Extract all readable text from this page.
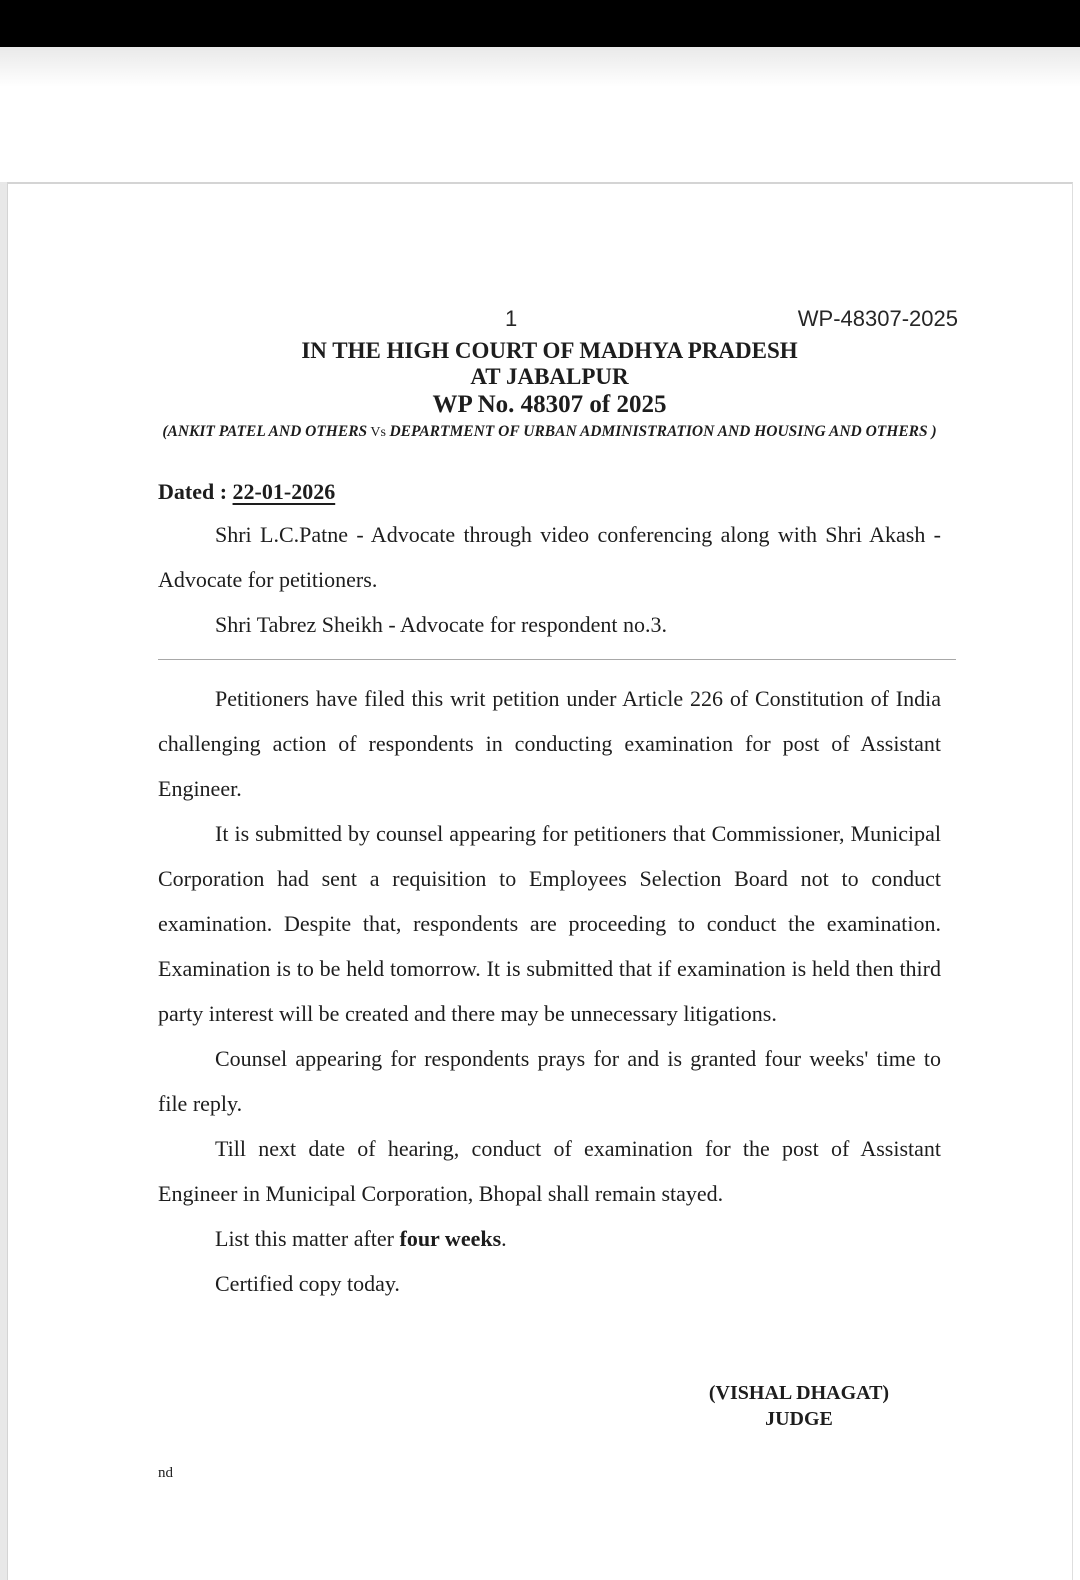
1	WP-48307-2025
IN THE HIGH COURT OF MADHYA PRADESH
AT JABALPUR
WP No. 48307 of 2025
(ANKIT PATEL AND OTHERS Vs DEPARTMENT OF URBAN ADMINISTRATION AND HOUSING AND OTHERS )
Dated : 22-01-2026

Shri L.C.Patne - Advocate through video conferencing along with Shri Akash - Advocate for petitioners.

Shri Tabrez Sheikh - Advocate for respondent no.3.

Petitioners have filed this writ petition under Article 226 of Constitution of India challenging action of respondents in conducting examination for post of Assistant Engineer.

It is submitted by counsel appearing for petitioners that Commissioner, Municipal Corporation had sent a requisition to Employees Selection Board not to conduct examination. Despite that, respondents are proceeding to conduct the examination. Examination is to be held tomorrow. It is submitted that if examination is held then third party interest will be created and there may be unnecessary litigations.

Counsel appearing for respondents prays for and is granted four weeks' time to file reply.

Till next date of hearing, conduct of examination for the post of Assistant Engineer in Municipal Corporation, Bhopal shall remain stayed.

List this matter after four weeks.

Certified copy today.

(VISHAL DHAGAT)
JUDGE
nd
